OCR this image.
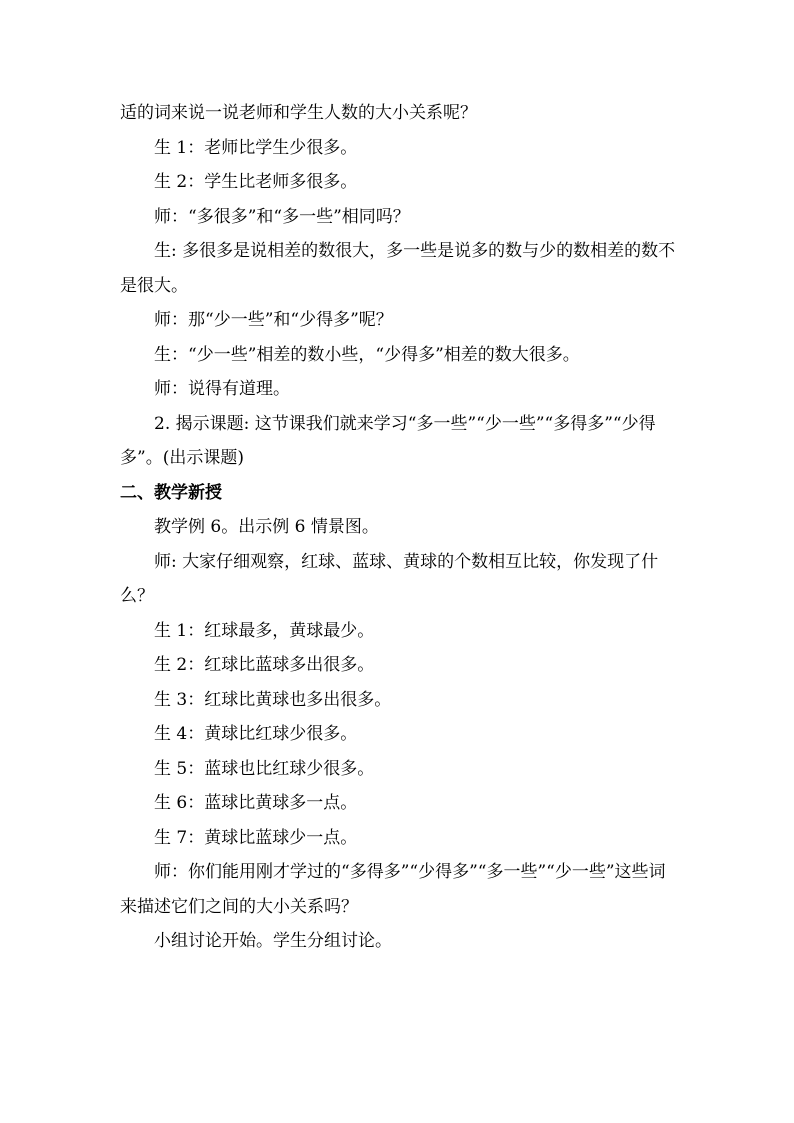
适的词来说一说老师和学生人数的大小关系呢？

生 1：老师比学生少很多。

生 2：学生比老师多很多。

师：“多很多”和“多一些”相同吗？

生: 多很多是说相差的数很大，多一些是说多的数与少的数相差的数不是很大。

师：那“少一些”和“少得多”呢？

生：“少一些”相差的数小些，“少得多”相差的数大很多。

师：说得有道理。

2. 揭示课题: 这节课我们就来学习“多一些”“少一些”“多得多”“少得多”。(出示课题)

二、教学新授

教学例 6。出示例 6 情景图。

师: 大家仔细观察，红球、蓝球、黄球的个数相互比较，你发现了什么？

生 1：红球最多，黄球最少。

生 2：红球比蓝球多出很多。

生 3：红球比黄球也多出很多。

生 4：黄球比红球少很多。

生 5：蓝球也比红球少很多。

生 6：蓝球比黄球多一点。

生 7：黄球比蓝球少一点。

师：你们能用刚才学过的“多得多”“少得多”“多一些”“少一些”这些词来描述它们之间的大小关系吗？

小组讨论开始。学生分组讨论。
